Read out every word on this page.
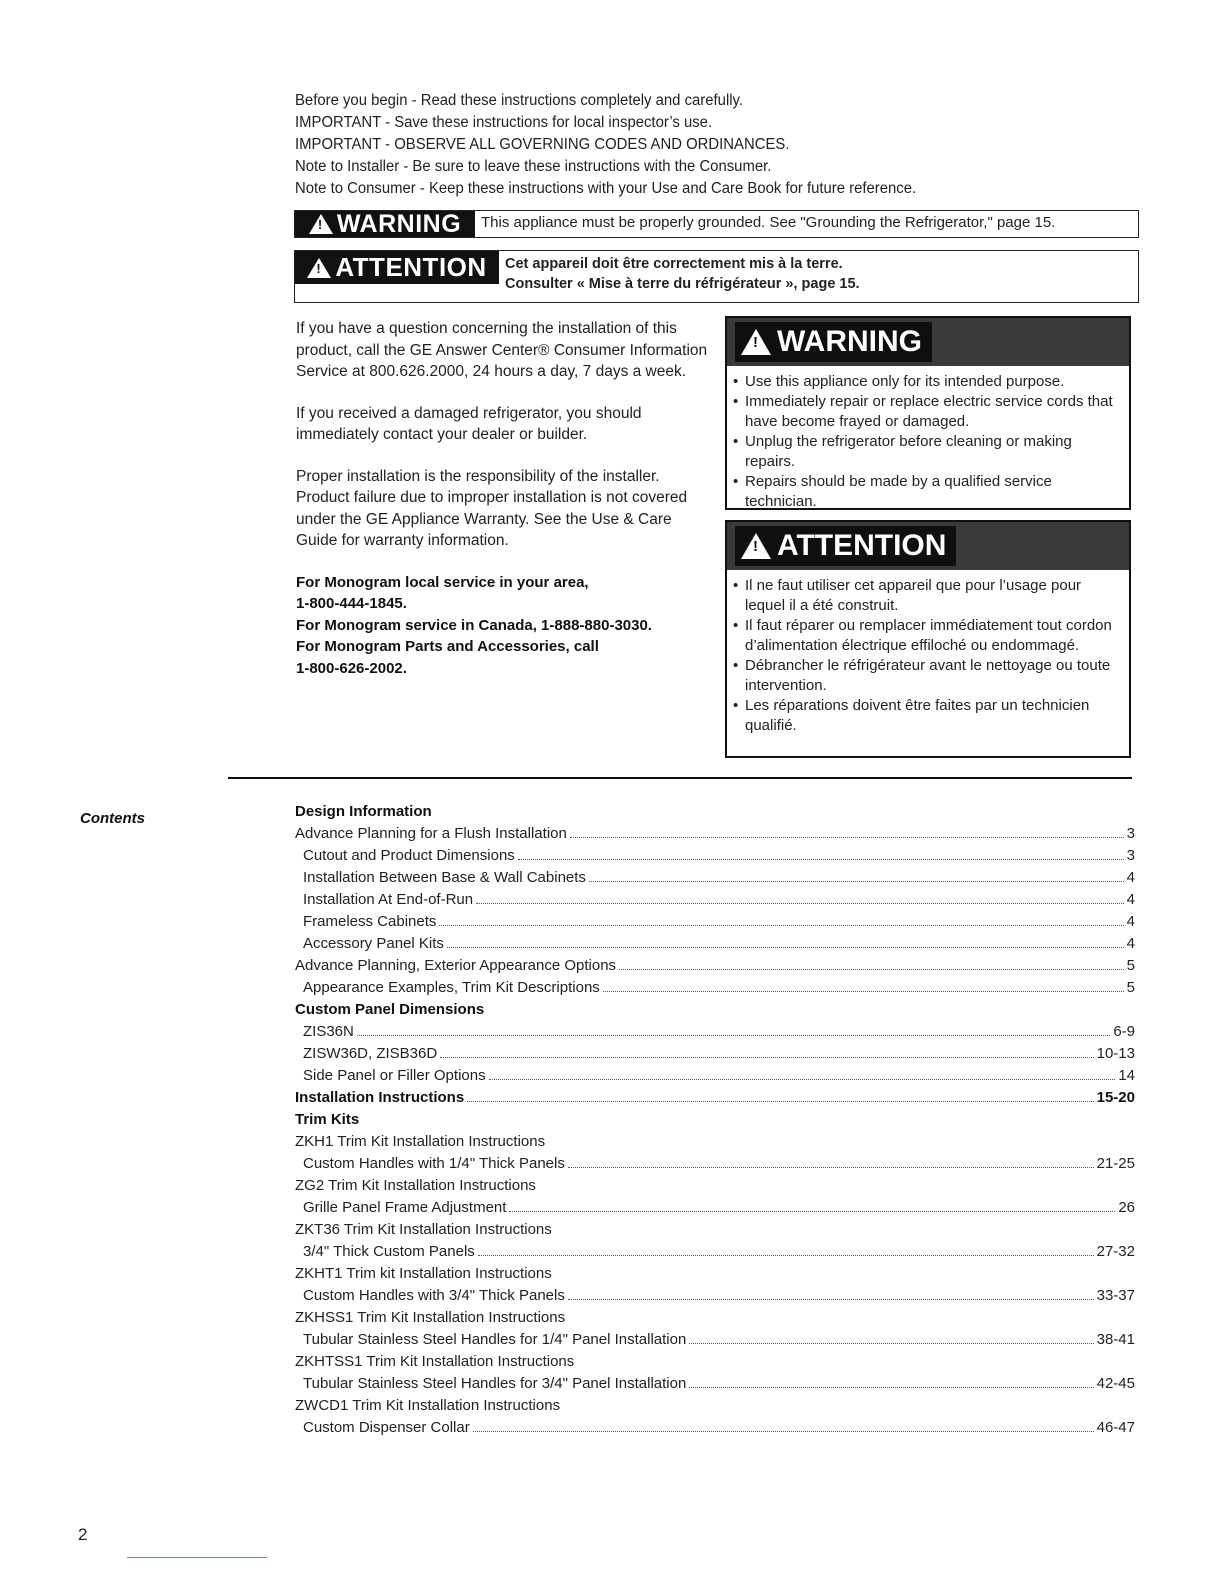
Before you begin - Read these instructions completely and carefully.
IMPORTANT - Save these instructions for local inspector’s use.
IMPORTANT - OBSERVE ALL GOVERNING CODES AND ORDINANCES.
Note to Installer - Be sure to leave these instructions with the Consumer.
Note to Consumer - Keep these instructions with your Use and Care Book for future reference.
!
WARNING This appliance must be properly grounded. See "Grounding the Refrigerator," page 15.
!
ATTENTION Cet appareil doit être correctement mis à la terre.
Consulter « Mise à terre du réfrigérateur », page 15.

If you have a question concerning the installation of this product, call the GE Answer Center® Consumer Information Service at 800.626.2000, 24 hours a day, 7 days a week.

If you received a damaged refrigerator, you should immediately contact your dealer or builder.

Proper installation is the responsibility of the installer. Product failure due to improper installation is not covered under the GE Appliance Warranty. See the Use & Care Guide for warranty information.

For Monogram local service in your area,
1-800-444-1845.
For Monogram service in Canada, 1-888-880-3030.
For Monogram Parts and Accessories, call
1-800-626-2002.
!
WARNING
• Use this appliance only for its intended purpose.
• Immediately repair or replace electric service cords that have become frayed or damaged.
• Unplug the refrigerator before cleaning or making repairs.
• Repairs should be made by a qualified service technician.
!
ATTENTION
• Il ne faut utiliser cet appareil que pour l’usage pour lequel il a été construit.
• Il faut réparer ou remplacer immédiatement tout cordon d’alimentation électrique effiloché ou endommagé.
• Débrancher le réfrigérateur avant le nettoyage ou toute intervention.
• Les réparations doivent être faites par un technicien qualifié.
Contents	Design Information
Advance Planning for a Flush Installation	3
Cutout and Product Dimensions	3
Installation Between Base & Wall Cabinets	4
Installation At End-of-Run	4
Frameless Cabinets	4
Accessory Panel Kits	4
Advance Planning, Exterior Appearance Options	5
Appearance Examples, Trim Kit Descriptions	5
Custom Panel Dimensions
ZIS36N	6-9
ZISW36D, ZISB36D	10-13
Side Panel or Filler Options	14
Installation Instructions	15-20
Trim Kits
ZKH1 Trim Kit Installation Instructions
Custom Handles with 1/4" Thick Panels	21-25
ZG2 Trim Kit Installation Instructions
Grille Panel Frame Adjustment	26
ZKT36 Trim Kit Installation Instructions
3/4" Thick Custom Panels	27-32
ZKHT1 Trim kit Installation Instructions
Custom Handles with 3/4" Thick Panels	33-37
ZKHSS1 Trim Kit Installation Instructions
Tubular Stainless Steel Handles for 1/4" Panel Installation	38-41
ZKHTSS1 Trim Kit Installation Instructions
Tubular Stainless Steel Handles for 3/4" Panel Installation	42-45
ZWCD1 Trim Kit Installation Instructions
Custom Dispenser Collar	46-47
2
